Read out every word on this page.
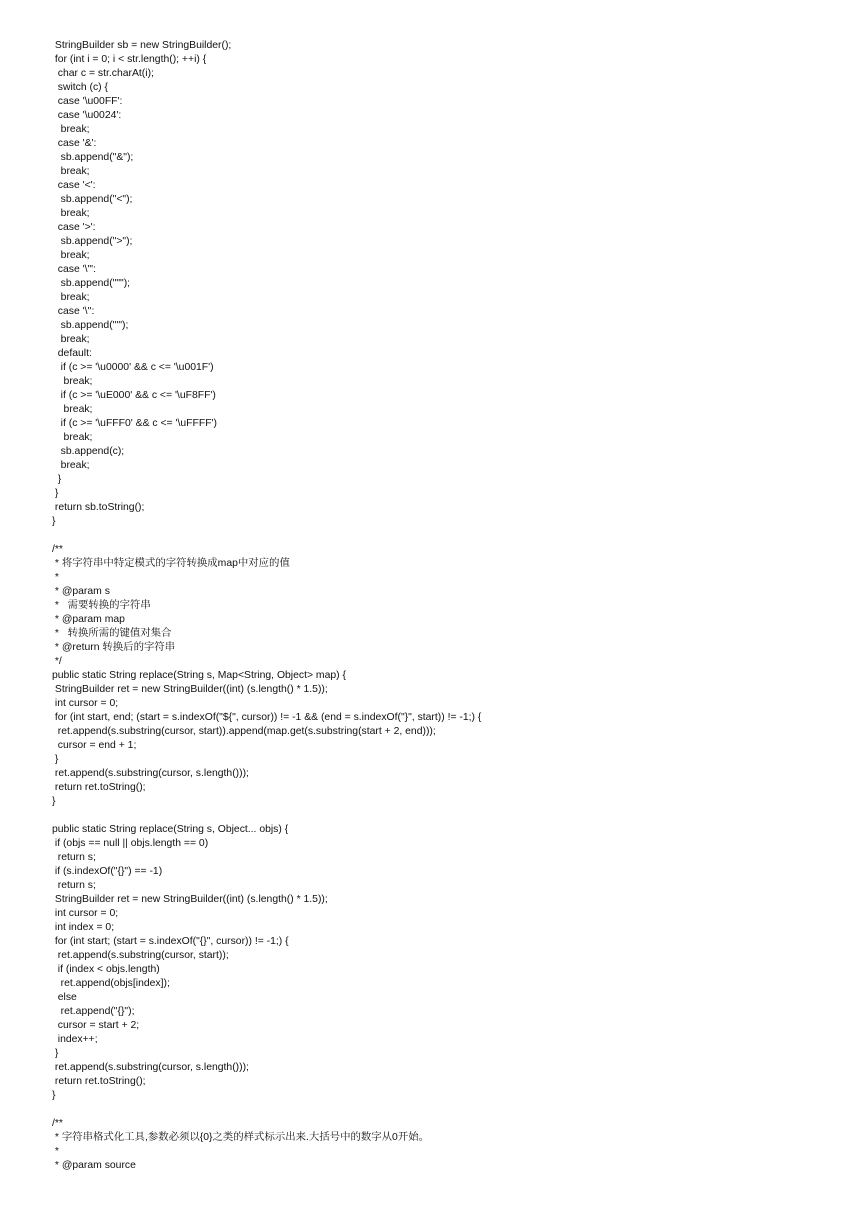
StringBuilder sb = new StringBuilder();
for (int i = 0; i < str.length(); ++i) {
char c = str.charAt(i);
switch (c) {
case '\u00FF':
case '\u0024':
break;
case '&':
sb.append("&");
break;
case '<':
sb.append("<");
break;
case '>':
sb.append(">");
break;
case '\"':
sb.append(""");
break;
case '\'':
sb.append("'");
break;
default:
if (c >= '\u0000' && c <= '\u001F')
break;
if (c >= '\uE000' && c <= '\uF8FF')
break;
if (c >= '\uFFF0' && c <= '\uFFFF')
break;
sb.append(c);
break;
}
}
return sb.toString();
}
/**
* 将字符串中特定模式的字符转换成map中对应的值
*
* @param s
*   需要转换的字符串
* @param map
*   转换所需的键值对集合
* @return 转换后的字符串
*/
public static String replace(String s, Map<String, Object> map) {
StringBuilder ret = new StringBuilder((int) (s.length() * 1.5));
int cursor = 0;
for (int start, end; (start = s.indexOf("${", cursor)) != -1 && (end = s.indexOf("}", start)) != -1;) {
ret.append(s.substring(cursor, start)).append(map.get(s.substring(start + 2, end)));
cursor = end + 1;
}
ret.append(s.substring(cursor, s.length()));
return ret.toString();
}
public static String replace(String s, Object... objs) {
if (objs == null || objs.length == 0)
return s;
if (s.indexOf("{}") == -1)
return s;
StringBuilder ret = new StringBuilder((int) (s.length() * 1.5));
int cursor = 0;
int index = 0;
for (int start; (start = s.indexOf("{}", cursor)) != -1;) {
ret.append(s.substring(cursor, start));
if (index < objs.length)
ret.append(objs[index]);
else
ret.append("{}");
cursor = start + 2;
index++;
}
ret.append(s.substring(cursor, s.length()));
return ret.toString();
}
/**
* 字符串格式化工具,参数必须以{0}之类的样式标示出来.大括号中的数字从0开始。
*
* @param source
